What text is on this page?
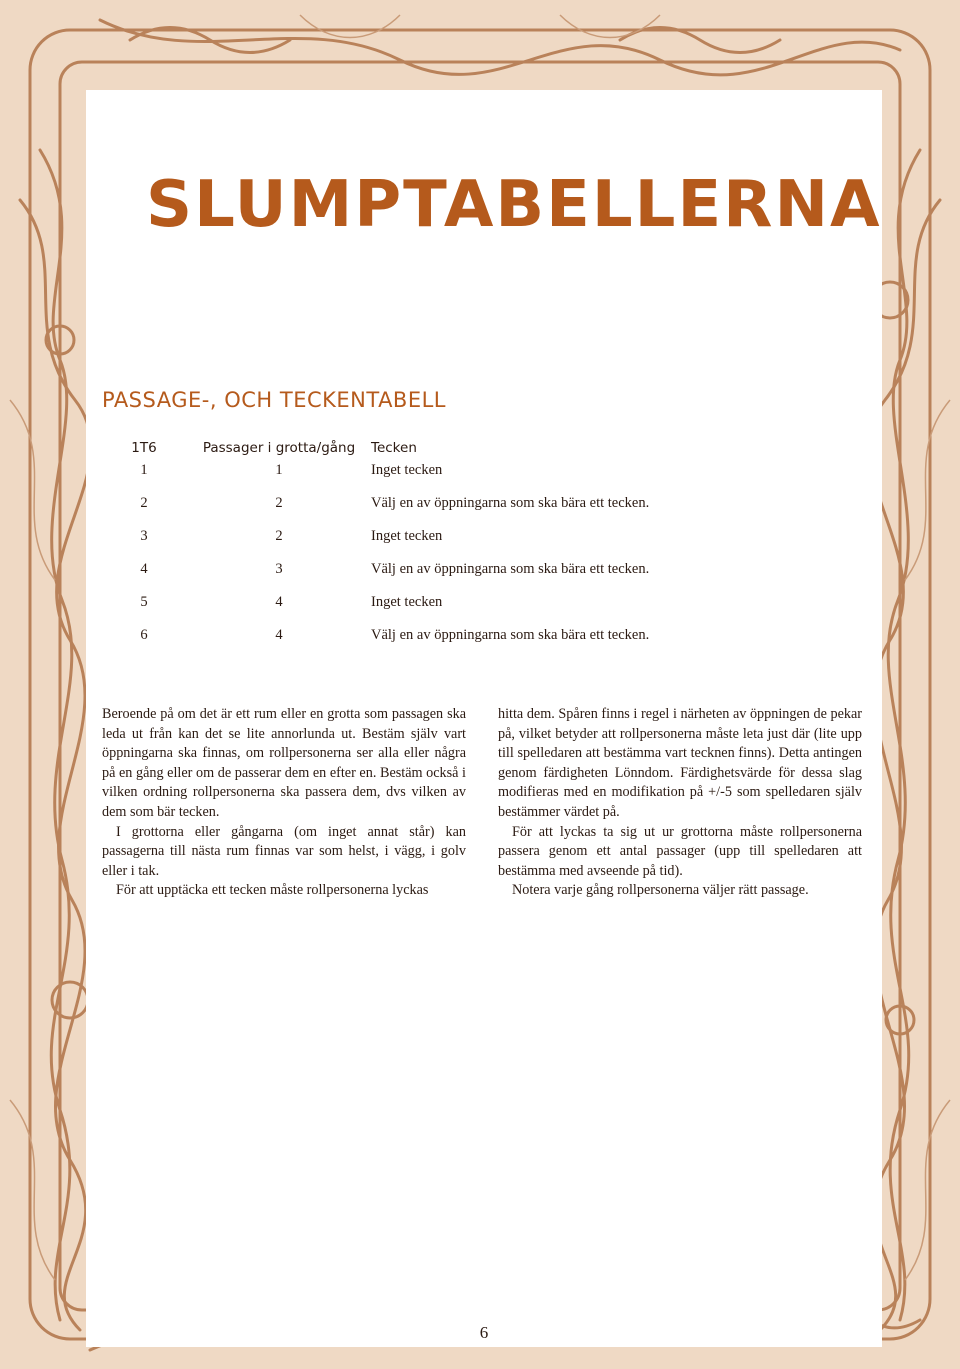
SLUMPTABELLERNA
PASSAGE-, OCH TECKENTABELL
1T6	Passager i grotta/gång	Tecken
1	1	Inget tecken
2	2	Välj en av öppningarna som ska bära ett tecken.
3	2	Inget tecken
4	3	Välj en av öppningarna som ska bära ett tecken.
5	4	Inget tecken
6	4	Välj en av öppningarna som ska bära ett tecken.

Beroende på om det är ett rum eller en grotta som passagen ska leda ut från kan det se lite annorlunda ut. Bestäm själv vart öppningarna ska finnas, om rollpersonerna ser alla eller några på en gång eller om de passerar dem en efter en. Bestäm också i vilken ordning rollpersonerna ska passera dem, dvs vilken av dem som bär tecken.

I grottorna eller gångarna (om inget annat står) kan passagerna till nästa rum finnas var som helst, i vägg, i golv eller i tak.

För att upptäcka ett tecken måste rollpersonerna lyckas

hitta dem. Spåren finns i regel i närheten av öppningen de pekar på, vilket betyder att rollpersonerna måste leta just där (lite upp till spelledaren att bestämma vart tecknen finns). Detta antingen genom färdigheten Lönndom. Färdighetsvärde för dessa slag modifieras med en modifikation på +/-5 som spelledaren själv bestämmer värdet på.

För att lyckas ta sig ut ur grottorna måste rollpersonerna passera genom ett antal passager (upp till spelledaren att bestämma med avseende på tid).

Notera varje gång rollpersonerna väljer rätt passage.

6
